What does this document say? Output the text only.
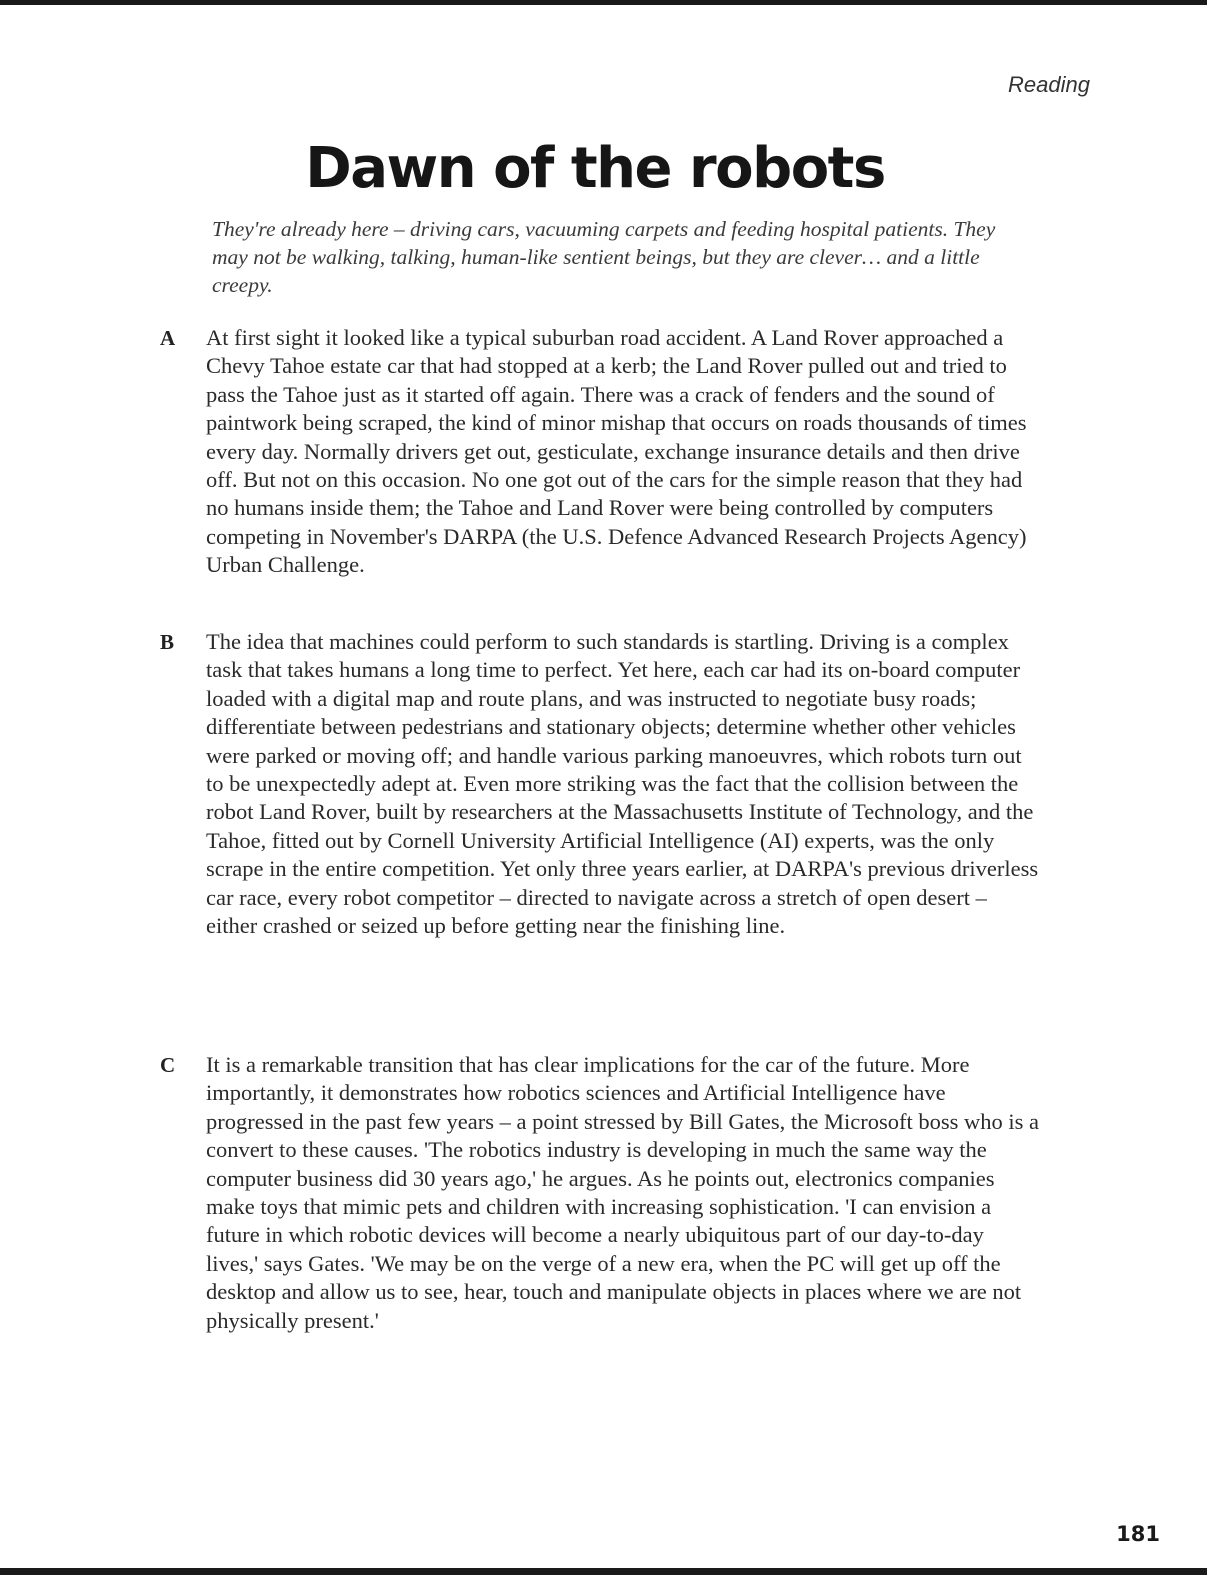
Reading
Dawn of the robots

They're already here – driving cars, vacuuming carpets and feeding hospital patients. They may not be walking, talking, human-like sentient beings, but they are clever… and a little creepy.

A	At first sight it looked like a typical suburban road accident. A Land Rover approached a Chevy Tahoe estate car that had stopped at a kerb; the Land Rover pulled out and tried to pass the Tahoe just as it started off again. There was a crack of fenders and the sound of paintwork being scraped, the kind of minor mishap that occurs on roads thousands of times every day. Normally drivers get out, gesticulate, exchange insurance details and then drive off. But not on this occasion. No one got out of the cars for the simple reason that they had no humans inside them; the Tahoe and Land Rover were being controlled by computers competing in November's DARPA (the U.S. Defence Advanced Research Projects Agency) Urban Challenge.

B	The idea that machines could perform to such standards is startling. Driving is a complex task that takes humans a long time to perfect. Yet here, each car had its on-board computer loaded with a digital map and route plans, and was instructed to negotiate busy roads; differentiate between pedestrians and stationary objects; determine whether other vehicles were parked or moving off; and handle various parking manoeuvres, which robots turn out to be unexpectedly adept at. Even more striking was the fact that the collision between the robot Land Rover, built by researchers at the Massachusetts Institute of Technology, and the Tahoe, fitted out by Cornell University Artificial Intelligence (AI) experts, was the only scrape in the entire competition. Yet only three years earlier, at DARPA's previous driverless car race, every robot competitor – directed to navigate across a stretch of open desert – either crashed or seized up before getting near the finishing line.

C	It is a remarkable transition that has clear implications for the car of the future. More importantly, it demonstrates how robotics sciences and Artificial Intelligence have progressed in the past few years – a point stressed by Bill Gates, the Microsoft boss who is a convert to these causes. 'The robotics industry is developing in much the same way the computer business did 30 years ago,' he argues. As he points out, electronics companies make toys that mimic pets and children with increasing sophistication. 'I can envision a future in which robotic devices will become a nearly ubiquitous part of our day-to-day lives,' says Gates. 'We may be on the verge of a new era, when the PC will get up off the desktop and allow us to see, hear, touch and manipulate objects in places where we are not physically present.'

181
